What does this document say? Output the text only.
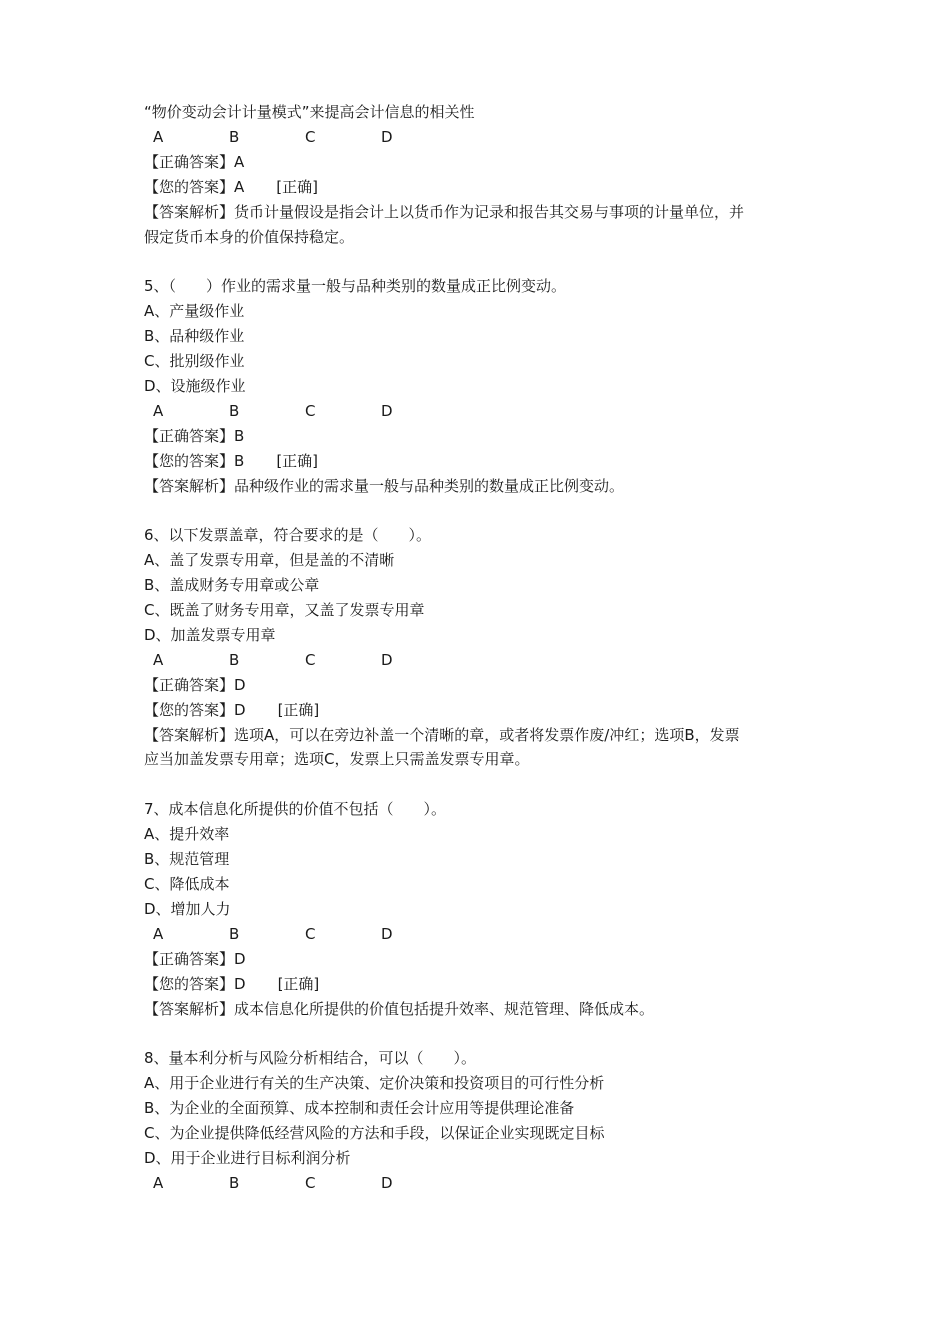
“物价变动会计计量模式”来提高会计信息的相关性

A	B	C	D

【正确答案】A

【您的答案】A [正确]

【答案解析】货币计量假设是指会计上以货币作为记录和报告其交易与事项的计量单位，并

假定货币本身的价值保持稳定。

5、（　　）作业的需求量一般与品种类别的数量成正比例变动。

A、产量级作业

B、品种级作业

C、批别级作业

D、设施级作业

A	B	C	D

【正确答案】B

【您的答案】B [正确]

【答案解析】品种级作业的需求量一般与品种类别的数量成正比例变动。

6、以下发票盖章，符合要求的是（　　）。

A、盖了发票专用章，但是盖的不清晰

B、盖成财务专用章或公章

C、既盖了财务专用章，又盖了发票专用章

D、加盖发票专用章

A	B	C	D

【正确答案】D

【您的答案】D [正确]

【答案解析】选项A，可以在旁边补盖一个清晰的章，或者将发票作废/冲红；选项B，发票

应当加盖发票专用章；选项C，发票上只需盖发票专用章。

7、成本信息化所提供的价值不包括（　　）。

A、提升效率

B、规范管理

C、降低成本

D、增加人力

A	B	C	D

【正确答案】D

【您的答案】D [正确]

【答案解析】成本信息化所提供的价值包括提升效率、规范管理、降低成本。

8、量本利分析与风险分析相结合，可以（　　）。

A、用于企业进行有关的生产决策、定价决策和投资项目的可行性分析

B、为企业的全面预算、成本控制和责任会计应用等提供理论准备

C、为企业提供降低经营风险的方法和手段，以保证企业实现既定目标

D、用于企业进行目标利润分析

A	B	C	D
